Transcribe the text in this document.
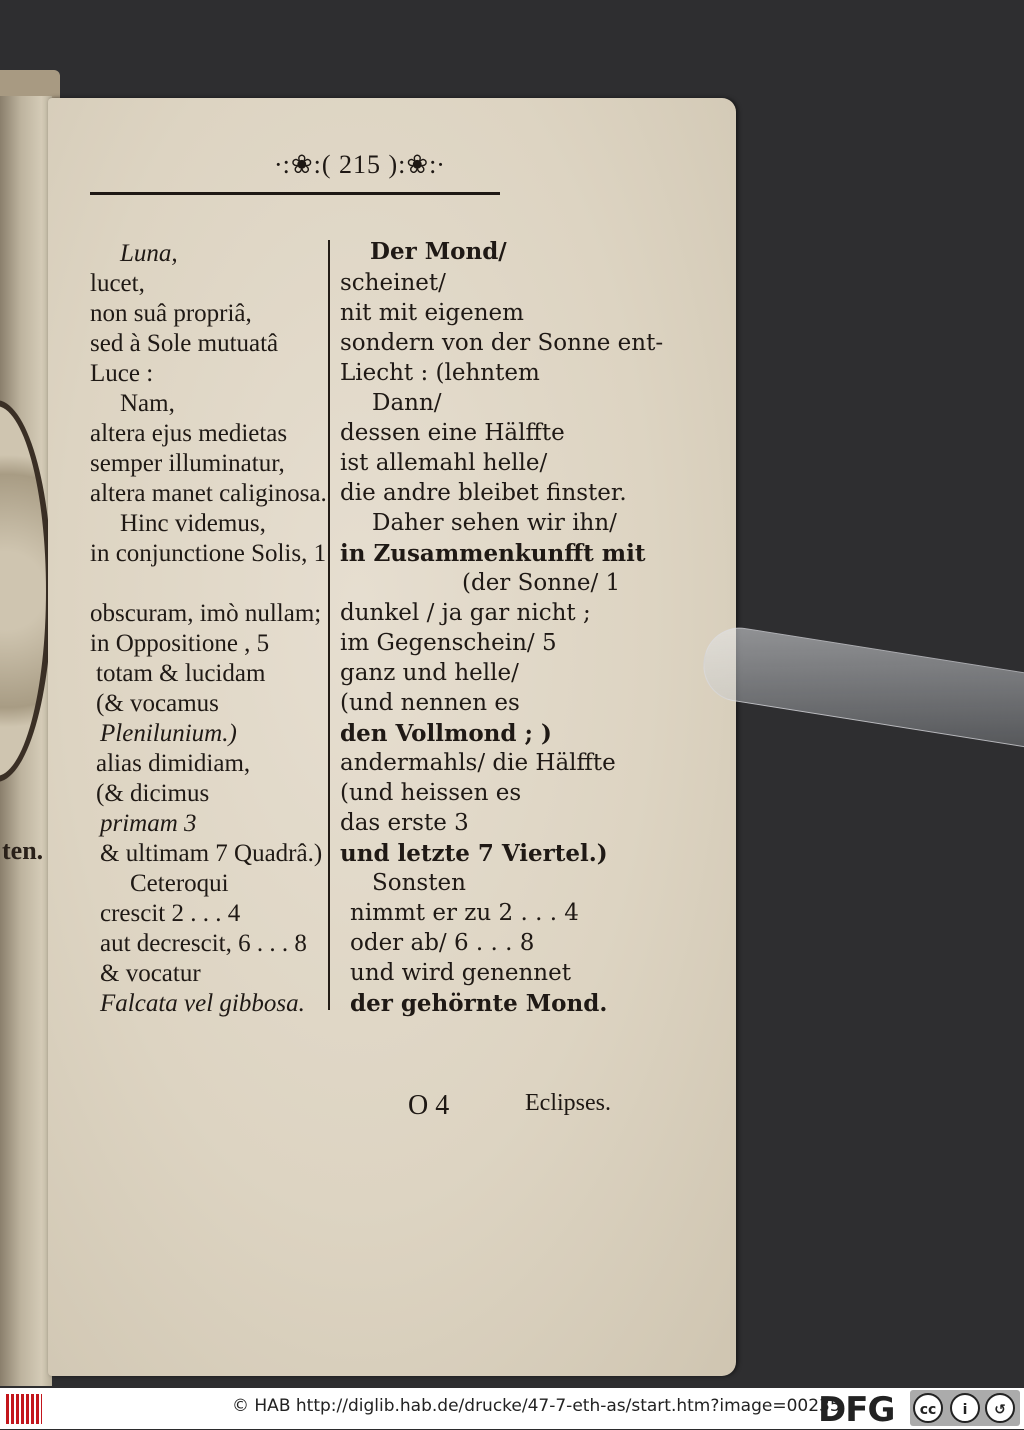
ten.
∙:❀:( 215 ):❀:∙
Luna,
lucet,
non suâ propriâ,
sed à Sole mutuatâ
Luce :
Nam,
altera ejus medietas
semper illuminatur,
altera manet caliginosa.
Hinc videmus,
in conjunctione Solis, 1
obscuram, imò nullam;
in Oppositione , 5
totam & lucidam
(& vocamus
Plenilunium.)
alias dimidiam,
(& dicimus
primam 3
& ultimam 7 Quadrâ.)
Ceteroqui
crescit 2 . . . 4
aut decrescit, 6 . . . 8
& vocatur
Falcata vel gibbosa.
Der Mond/
scheinet/
nit mit eigenem
sondern von der Sonne ent-
Liecht : (lehntem
Dann/
dessen eine Hälffte
ist allemahl helle/
die andre bleibet finster.
Daher sehen wir ihn/
in Zusammenkunfft mit
(der Sonne/ 1
dunkel / ja gar nicht ;
im Gegenschein/ 5
ganz und helle/
(und nennen es
den Vollmond ; )
andermahls/ die Hälffte
(und heissen es
das erste 3
und letzte 7 Viertel.)
Sonsten
nimmt er zu 2 . . . 4
oder ab/ 6 . . . 8
und wird genennet
der gehörnte Mond.
O 4	Eclipses.
© HAB http://diglib.hab.de/drucke/47-7-eth-as/start.htm?image=00235
DFG	cc	i	↺
